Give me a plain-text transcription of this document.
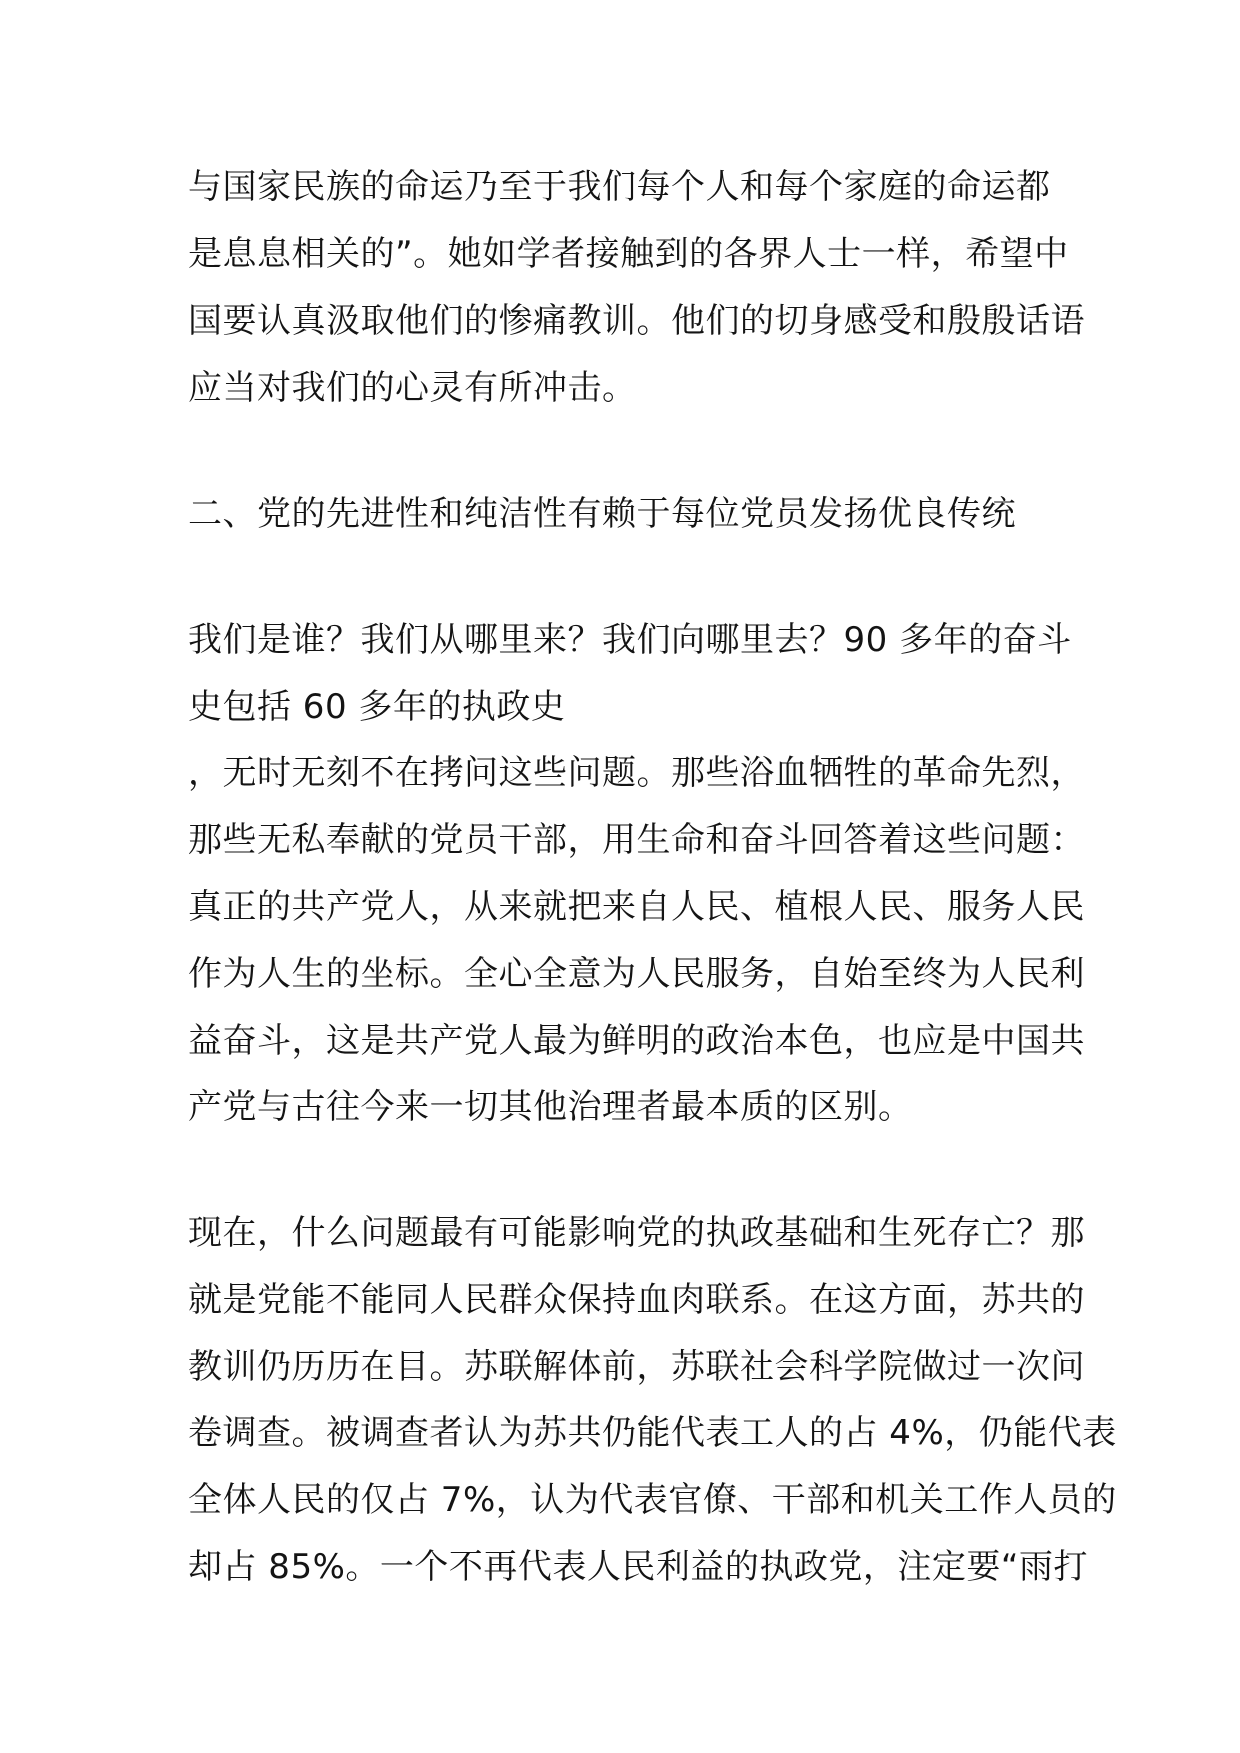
与国家民族的命运乃至于我们每个人和每个家庭的命运都

是息息相关的”。她如学者接触到的各界人士一样，希望中

国要认真汲取他们的惨痛教训。他们的切身感受和殷殷话语

应当对我们的心灵有所冲击。

二、党的先进性和纯洁性有赖于每位党员发扬优良传统

我们是谁？我们从哪里来？我们向哪里去？90 多年的奋斗

史包括 60 多年的执政史

，无时无刻不在拷问这些问题。那些浴血牺牲的革命先烈，

那些无私奉献的党员干部，用生命和奋斗回答着这些问题：

真正的共产党人，从来就把来自人民、植根人民、服务人民

作为人生的坐标。全心全意为人民服务，自始至终为人民利

益奋斗，这是共产党人最为鲜明的政治本色，也应是中国共

产党与古往今来一切其他治理者最本质的区别。

现在，什么问题最有可能影响党的执政基础和生死存亡？那

就是党能不能同人民群众保持血肉联系。在这方面，苏共的

教训仍历历在目。苏联解体前，苏联社会科学院做过一次问

卷调查。被调查者认为苏共仍能代表工人的占 4%，仍能代表

全体人民的仅占 7%，认为代表官僚、干部和机关工作人员的

却占 85%。一个不再代表人民利益的执政党，注定要“雨打
